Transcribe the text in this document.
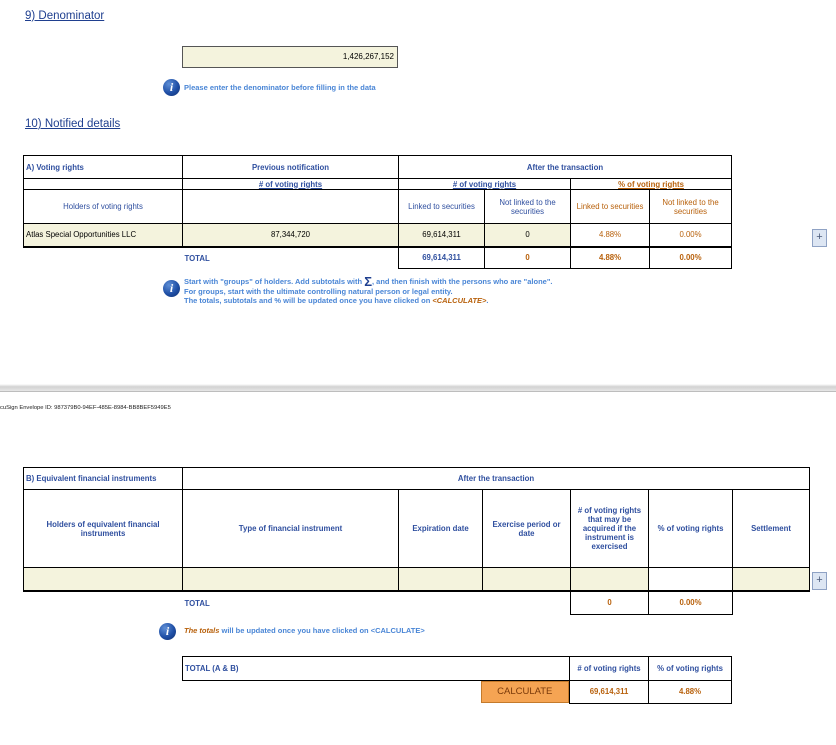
9) Denominator
1,426,267,152
i	Please enter the denominator before filling in the data
10) Notified details
A) Voting rights	Previous notification	After the transaction			
	# of voting rights	# of voting rights		% of voting rights	
Holders of voting rights		Linked to securities	Not linked to the securities	Linked to securities	Not linked to the securities
Atlas Special Opportunities LLC	87,344,720	69,614,311	0	4.88%	0.00%
	TOTAL	69,614,311	0	4.88%	0.00%
+
i	Start with "groups" of holders. Add subtotals with Σ, and then finish with the persons who are "alone".
For groups, start with the ultimate controlling natural person or legal entity.
The totals, subtotals and % will be updated once you have clicked on <CALCULATE>.
cuSign Envelope ID: 987379B0-94EF-485E-8984-BB8BEF5949E5
B) Equivalent financial instruments	After the transaction					
Holders of equivalent financial instruments	Type of financial instrument	Expiration date	Exercise period or date	# of voting rights that may be acquired if the instrument is exercised	% of voting rights	Settlement

	TOTAL			0	0.00%	
+
i	The totals will be updated once you have clicked on <CALCULATE>
TOTAL (A & B)		# of voting rights	% of voting rights

	CALCULATE	69,614,311	4.88%
